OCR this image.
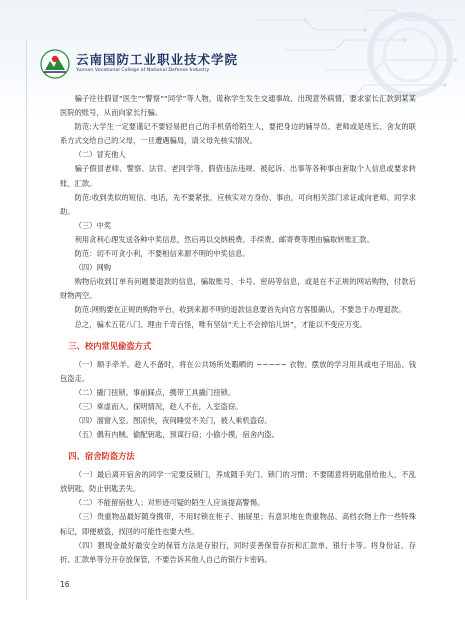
云南国防工业职业技术学院
Yunnan Vocational College of National Defense Industry

骗子往往假冒“医生”“警察”“同学”等人物，谎称学生发生交通事故、出现意外病情，要求家长汇款到某某医院的账号，从而向家长行骗。

防范:大学生一定要谨记不要轻易把自己的手机借给陌生人，要把身边的辅导员、老师或是班长、舍友的联系方式交给自己的父母，一旦遭遇骗局，请父母先核实情况。

（二）冒充他人

骗子假冒老师、警察、法官、老同学等，假借违法违规、被起诉、出事等各种事由套取个人信息或要求转账、汇款。

防范:收到类似的短信、电话，先不要紧张，应核实对方身份、事由，可向相关部门求证或向老师、同学求助。

（三）中奖

利用贪利心理发送各种中奖信息，然后再以交纳税费、手续费、邮寄费等理由骗取转账汇款。

防范：切不可贪小利，不要相信来源不明的中奖信息。

（四）网购

购物后收到订单有问题要退款的信息，骗取账号、卡号、密码等信息，或是在不正规的网站购物，付款后财物两空。

防范:网购要在正规的购物平台，收到来源不明的退款信息要首先向官方客服确认，不要急于办理退款。

总之，骗术五花八门、理由千奇百怪，唯有坚信“天上不会掉馅儿饼”，才能以不变应万变。

三、校内常见偷盗方式

（一）顺手牵羊。趁人不备时，将在公共场所处暇晒的 ~~~~~ 衣物、摆放的学习用具或电子用品、钱包盗走。

（二）撬门扭锁。事前踩点，携带工具撬门扭锁。

（三）乘虚而入。探明情况，趁人不在，入室盗窃。

（四）溜窗入室。图凉快，夜间睡觉不关门，被人乘机盗窃。

（五）偶有内贼。偷配钥匙，预谋行窃；小偷小摸，宿舍内盗。

四、宿舍防盗方法

（一）最后离开宿舍的同学一定要反锁门，养成随手关门、锁门的习惯；不要随意将钥匙借给他人，不乱放钥匙，防止钥匙丢失。

（二）不能留宿他人；对形迹可疑的陌生人应该提高警惕。

（三）贵重物品最好随身携带，不用时锁在柜子、抽屉里；有意识地在贵重物品、高档衣物上作一些特殊标记，即便被盗，找回的可能性也要大些。

（四）猥现金最好最安全的保管方法是存银行，同时妥善保管存折和汇款单、银行卡等。将身份证、存折、汇款单等分开存放保管，不要告诉其他人自己的银行卡密码。

16
